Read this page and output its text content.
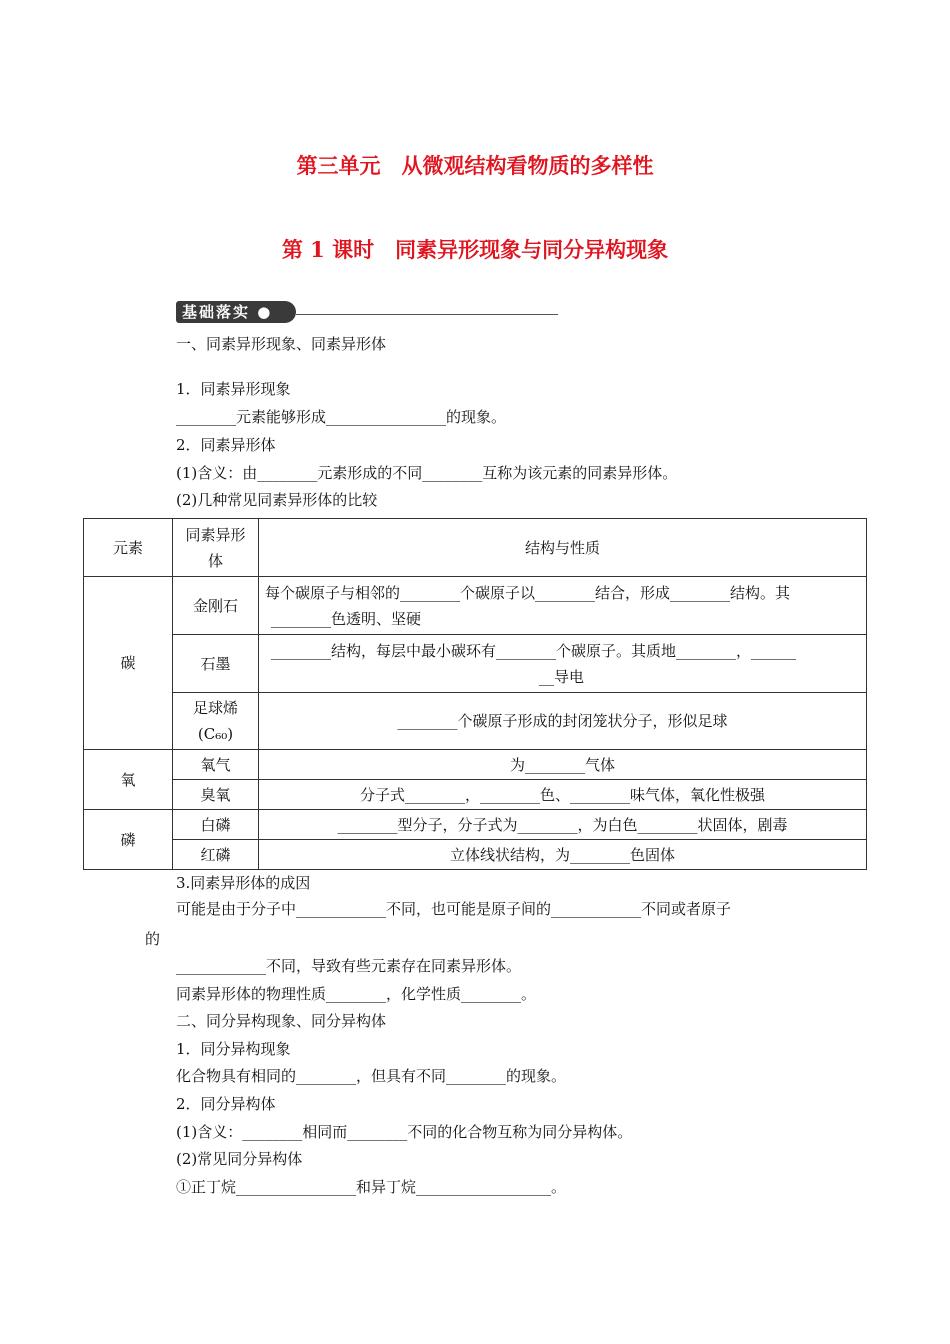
第三单元　从微观结构看物质的多样性
第 1 课时　同素异形现象与同分异构现象
基础落实 ●
一、同素异形现象、同素异形体
1．同素异形现象
________元素能够形成________________的现象。
2．同素异形体
(1)含义：由________元素形成的不同________互称为该元素的同素异形体。
(2)几种常见同素异形体的比较
元素	同素异形体	结构与性质
碳	金刚石	每个碳原子与相邻的________个碳原子以________结合，形成________结构。其
________色透明、坚硬

	石墨	________结构，每层中最小碳环有________个碳原子。其质地________，______
__导电

	足球烯(C₆₀)	________个碳原子形成的封闭笼状分子，形似足球
氧	氧气	为________气体
	臭氧	分子式________，________色、________味气体，氧化性极强
磷	白磷	________型分子，分子式为________，为白色________状固体，剧毒
	红磷	立体线状结构，为________色固体
3.同素异形体的成因
可能是由于分子中____________不同，也可能是原子间的____________不同或者原子
的
____________不同，导致有些元素存在同素异形体。
同素异形体的物理性质________，化学性质________。
二、同分异构现象、同分异构体
1．同分异构现象
化合物具有相同的________，但具有不同________的现象。
2．同分异构体
(1)含义：________相同而________不同的化合物互称为同分异构体。
(2)常见同分异构体
①正丁烷________________和异丁烷__________________。
